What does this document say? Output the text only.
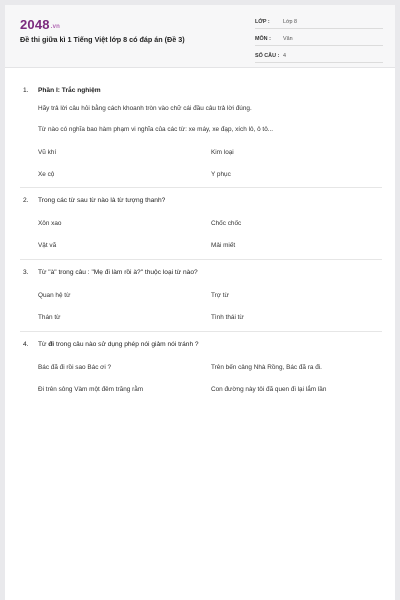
2048.vn
Đề thi giữa kì 1 Tiếng Việt lớp 8 có đáp án (Đề 3)
LỚP :	Lớp 8
MÔN :	Văn
SỐ CÂU : 4
1.	Phần I: Trắc nghiệm
Hãy trả lời câu hỏi bằng cách khoanh tròn vào chữ cái đầu câu trả lời đúng.
Từ nào có nghĩa bao hàm phạm vi nghĩa của các từ: xe máy, xe đạp, xích lô, ô tô...
Vũ khí	Kim loại
Xe cộ	Y phục
2.	Trong các từ sau từ nào là từ tượng thanh?
Xôn xao	Chốc chốc
Vật vã	Mải miết
3.	Từ "à" trong câu : "Mẹ đi làm rồi à?" thuộc loại từ nào?
Quan hệ từ	Trợ từ
Thán từ	Tình thái từ
4.	Từ đi trong câu nào sử dụng phép nói giảm nói tránh ?
Bác đã đi rồi sao Bác ơi ?	Trên bến cảng Nhà Rồng, Bác đã ra đi.
Đi trên sông Vàm một đêm trăng rằm	Con đường này tôi đã quen đi lại lắm lần
